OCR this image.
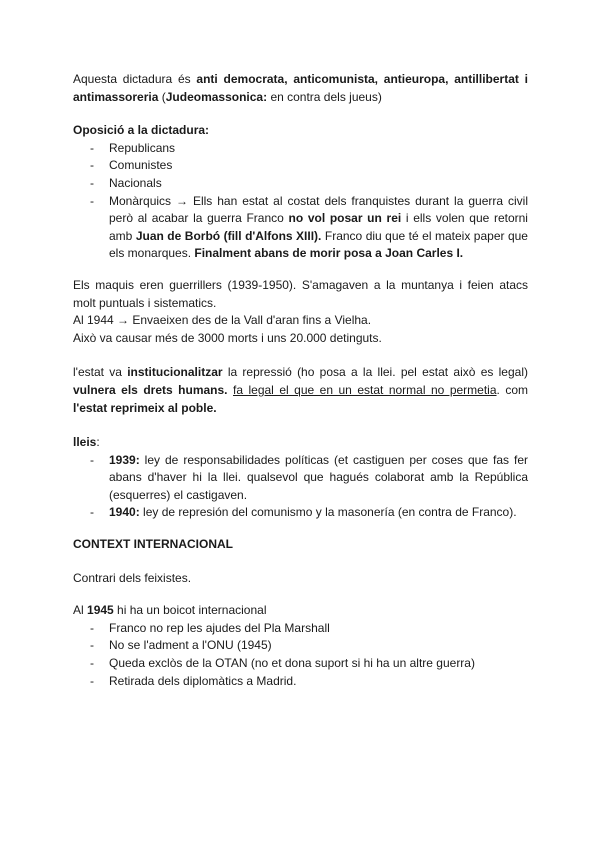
Aquesta dictadura és anti democrata, anticomunista, antieuropa, antillibertat i antimassoreria (Judeomassonica: en contra dels jueus)

Oposició a la dictadura:

- Republicans
- Comunistes
- Nacionals
- Monàrquics → Ells han estat al costat dels franquistes durant la guerra civil però al acabar la guerra Franco no vol posar un rei i ells volen que retorni amb Juan de Borbó (fill d'Alfons XIII). Franco diu que té el mateix paper que els monarques. Finalment abans de morir posa a Joan Carles I.

Els maquis eren guerrillers (1939-1950). S'amagaven a la muntanya i feien atacs molt puntuals i sistematics.

Al 1944 → Envaeixen des de la Vall d'aran fins a Vielha.

Això va causar més de 3000 morts i uns 20.000 detinguts.

l'estat va institucionalitzar la repressió (ho posa a la llei. pel estat això es legal) vulnera els drets humans. fa legal el que en un estat normal no permetia. com l'estat reprimeix al poble.

lleis:

- 1939: ley de responsabilidades políticas (et castiguen per coses que fas fer abans d'haver hi la llei. qualsevol que hagués colaborat amb la República (esquerres) el castigaven.
- 1940: ley de represión del comunismo y la masonería (en contra de Franco).

CONTEXT INTERNACIONAL

Contrari dels feixistes.

Al 1945 hi ha un boicot internacional

- Franco no rep les ajudes del Pla Marshall
- No se l'adment a l'ONU (1945)
- Queda exclòs de la OTAN (no et dona suport si hi ha un altre guerra)
- Retirada dels diplomàtics a Madrid.
